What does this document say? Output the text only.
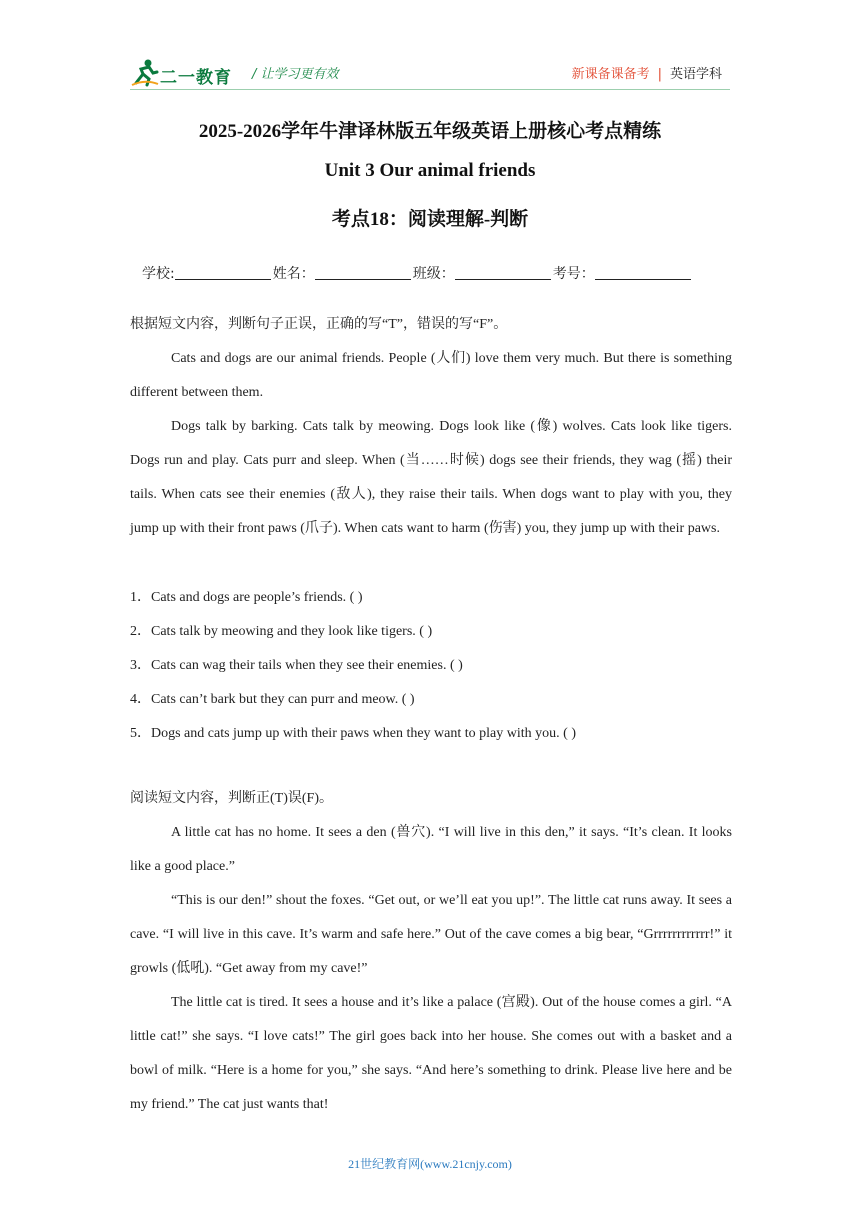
二一教育 / 让学习更有效	新课备课备考 | 英语学科
2025-2026学年牛津译林版五年级英语上册核心考点精练
Unit 3 Our animal friends
考点18：阅读理解-判断
学校:	姓名：	班级：	考号：
根据短文内容，判断句子正误，正确的写“T”，错误的写“F”。
Cats and dogs are our animal friends. People (人们) love them very much. But there is something different between them.
Dogs talk by barking. Cats talk by meowing. Dogs look like (像) wolves. Cats look like tigers. Dogs run and play. Cats purr and sleep. When (当……时候) dogs see their friends, they wag (摇) their tails. When cats see their enemies (敌人), they raise their tails. When dogs want to play with you, they jump up with their front paws (爪子). When cats want to harm (伤害) you, they jump up with their paws.
1．Cats and dogs are people’s friends. ( )
2．Cats talk by meowing and they look like tigers. ( )
3．Cats can wag their tails when they see their enemies. ( )
4．Cats can’t bark but they can purr and meow. ( )
5．Dogs and cats jump up with their paws when they want to play with you. ( )
阅读短文内容，判断正(T)误(F)。
A little cat has no home. It sees a den (兽穴). “I will live in this den,” it says. “It’s clean. It looks like a good place.”
“This is our den!” shout the foxes. “Get out, or we’ll eat you up!”. The little cat runs away. It sees a cave. “I will live in this cave. It’s warm and safe here.” Out of the cave comes a big bear, “Grrrrrrrrrrrr!” it growls (低吼). “Get away from my cave!”
The little cat is tired. It sees a house and it’s like a palace (宫殿). Out of the house comes a girl. “A little cat!” she says. “I love cats!” The girl goes back into her house. She comes out with a basket and a bowl of milk. “Here is a home for you,” she says. “And here’s something to drink. Please live here and be my friend.” The cat just wants that!
21世纪教育网(www.21cnjy.com)
